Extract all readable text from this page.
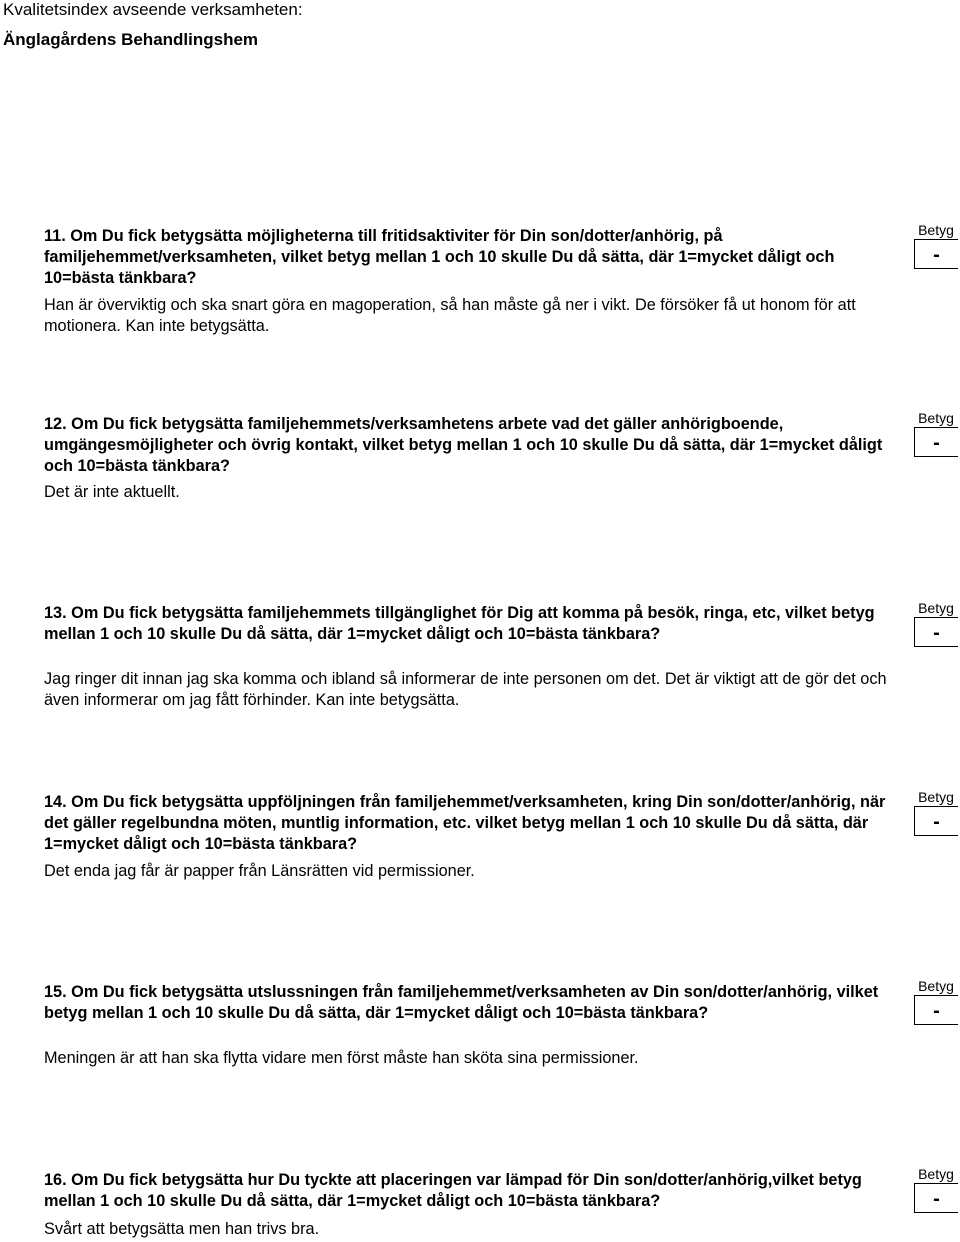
Kvalitetsindex avseende verksamheten:
Änglagårdens Behandlingshem
11. Om Du fick betygsätta möjligheterna till fritidsaktiviter för Din son/dotter/anhörig, på familjehemmet/verksamheten, vilket betyg mellan 1 och 10 skulle Du då sätta, där 1=mycket dåligt och 10=bästa tänkbara?
Han är överviktig och ska snart göra en magoperation, så han måste gå ner i vikt. De försöker få ut honom för att motionera. Kan inte betygsätta.
Betyg
-
12. Om Du fick betygsätta familjehemmets/verksamhetens arbete vad det gäller anhörigboende, umgängesmöjligheter och övrig kontakt, vilket betyg mellan 1 och 10 skulle Du då sätta, där 1=mycket dåligt och 10=bästa tänkbara?
Det är inte aktuellt.
Betyg
-
13. Om Du fick betygsätta familjehemmets tillgänglighet för Dig att komma på besök, ringa, etc, vilket betyg mellan 1 och 10 skulle Du då sätta, där 1=mycket dåligt och 10=bästa tänkbara?
Jag ringer dit innan jag ska komma och ibland så informerar de inte personen om det. Det är viktigt att de gör det och även informerar om jag fått förhinder. Kan inte betygsätta.
Betyg
-
14. Om Du fick betygsätta uppföljningen från familjehemmet/verksamheten, kring Din son/dotter/anhörig, när det gäller regelbundna möten, muntlig information, etc. vilket betyg mellan 1 och 10 skulle Du då sätta, där 1=mycket dåligt och 10=bästa tänkbara?
Det enda jag får är papper från Länsrätten vid permissioner.
Betyg
-
15. Om Du fick betygsätta utslussningen från familjehemmet/verksamheten av Din son/dotter/anhörig, vilket betyg mellan 1 och 10 skulle Du då sätta, där 1=mycket dåligt och 10=bästa tänkbara?
Meningen är att han ska flytta vidare men först måste han sköta sina permissioner.
Betyg
-
16. Om Du fick betygsätta hur Du tyckte att placeringen var lämpad för Din son/dotter/anhörig,vilket betyg mellan 1 och 10 skulle Du då sätta, där 1=mycket dåligt och 10=bästa tänkbara?
Svårt att betygsätta men han trivs bra.
Betyg
-
